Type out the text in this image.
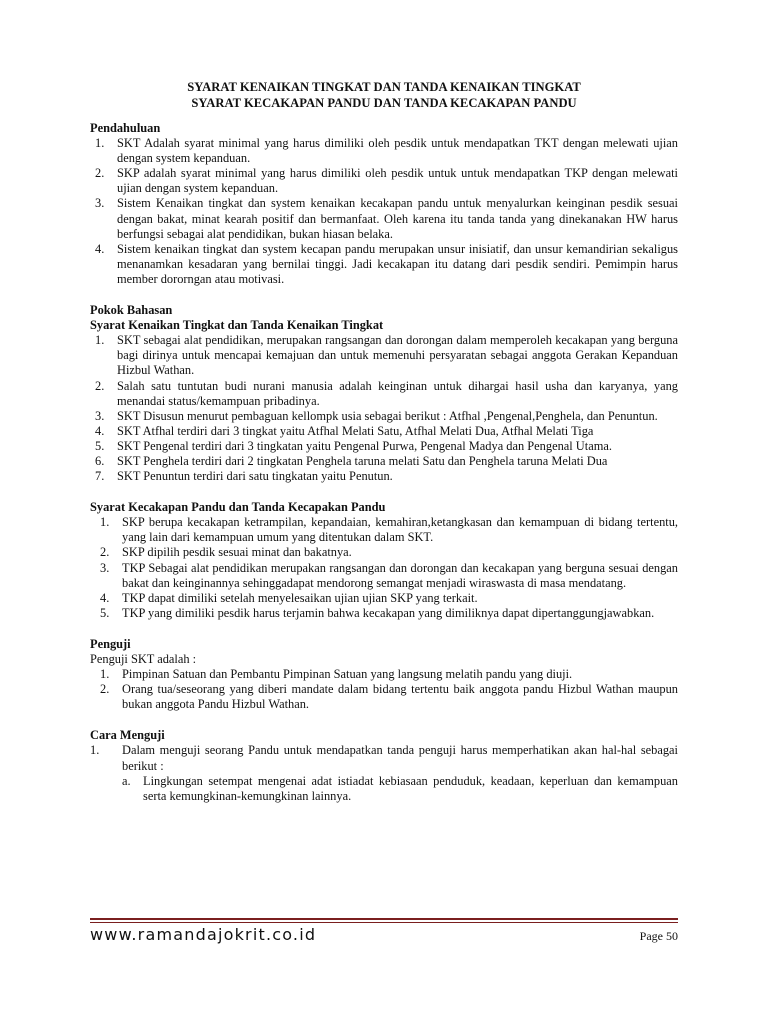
SYARAT KENAIKAN TINGKAT DAN TANDA KENAIKAN TINGKAT
SYARAT KECAKAPAN PANDU DAN TANDA KECAKAPAN PANDU
Pendahuluan
1. SKT Adalah syarat minimal yang harus dimiliki oleh pesdik untuk mendapatkan TKT dengan melewati ujian dengan system kepanduan.
2. SKP adalah syarat minimal yang harus dimiliki oleh pesdik untuk untuk mendapatkan TKP dengan melewati ujian dengan system kepanduan.
3. Sistem Kenaikan tingkat dan system kenaikan kecakapan pandu untuk menyalurkan keinginan pesdik sesuai dengan bakat, minat kearah positif dan bermanfaat. Oleh karena itu tanda tanda yang dinekanakan HW harus berfungsi sebagai alat pendidikan, bukan hiasan belaka.
4. Sistem kenaikan tingkat dan system kecapan pandu merupakan unsur inisiatif, dan unsur kemandirian sekaligus menanamkan kesadaran yang bernilai tinggi. Jadi kecakapan itu datang dari pesdik sendiri. Pemimpin harus member dororngan atau motivasi.
Pokok Bahasan
Syarat Kenaikan Tingkat dan Tanda Kenaikan Tingkat
1. SKT sebagai alat pendidikan, merupakan rangsangan dan dorongan dalam memperoleh kecakapan yang berguna bagi dirinya untuk mencapai kemajuan dan untuk memenuhi persyaratan sebagai anggota Gerakan Kepanduan Hizbul Wathan.
2. Salah satu tuntutan budi nurani manusia adalah keinginan untuk dihargai hasil usha dan karyanya, yang menandai status/kemampuan pribadinya.
3. SKT Disusun menurut pembaguan kellompk usia sebagai berikut : Atfhal ,Pengenal,Penghela, dan Penuntun.
4. SKT Atfhal terdiri dari 3 tingkat yaitu Atfhal Melati Satu, Atfhal Melati Dua, Atfhal Melati Tiga
5. SKT Pengenal terdiri dari 3 tingkatan yaitu Pengenal Purwa, Pengenal Madya dan Pengenal Utama.
6. SKT Penghela terdiri dari 2 tingkatan Penghela taruna melati Satu dan Penghela taruna Melati Dua
7. SKT Penuntun terdiri dari satu tingkatan yaitu Penutun.
Syarat Kecakapan Pandu dan Tanda Kecapakan Pandu
1. SKP berupa kecakapan ketrampilan, kepandaian, kemahiran,ketangkasan dan kemampuan di bidang tertentu, yang lain dari kemampuan umum yang ditentukan dalam SKT.
2. SKP dipilih pesdik sesuai minat dan bakatnya.
3. TKP Sebagai alat pendidikan merupakan rangsangan dan dorongan dan kecakapan yang berguna sesuai dengan bakat dan keinginannya sehinggadapat mendorong semangat menjadi wiraswasta di masa mendatang.
4. TKP dapat dimiliki setelah menyelesaikan ujian ujian SKP yang terkait.
5. TKP yang dimiliki pesdik harus terjamin bahwa kecakapan yang dimiliknya dapat dipertanggungjawabkan.
Penguji
Penguji SKT adalah :
1. Pimpinan Satuan dan Pembantu Pimpinan Satuan yang langsung melatih pandu yang diuji.
2. Orang tua/seseorang yang diberi mandate dalam bidang tertentu baik anggota pandu Hizbul Wathan maupun bukan anggota Pandu Hizbul Wathan.
Cara Menguji
1. Dalam menguji seorang Pandu untuk mendapatkan tanda penguji harus memperhatikan akan hal-hal sebagai berikut :
a. Lingkungan setempat mengenai adat istiadat kebiasaan penduduk, keadaan, keperluan dan kemampuan serta kemungkinan-kemungkinan lainnya.
www.ramandajokrit.co.id	Page 50
